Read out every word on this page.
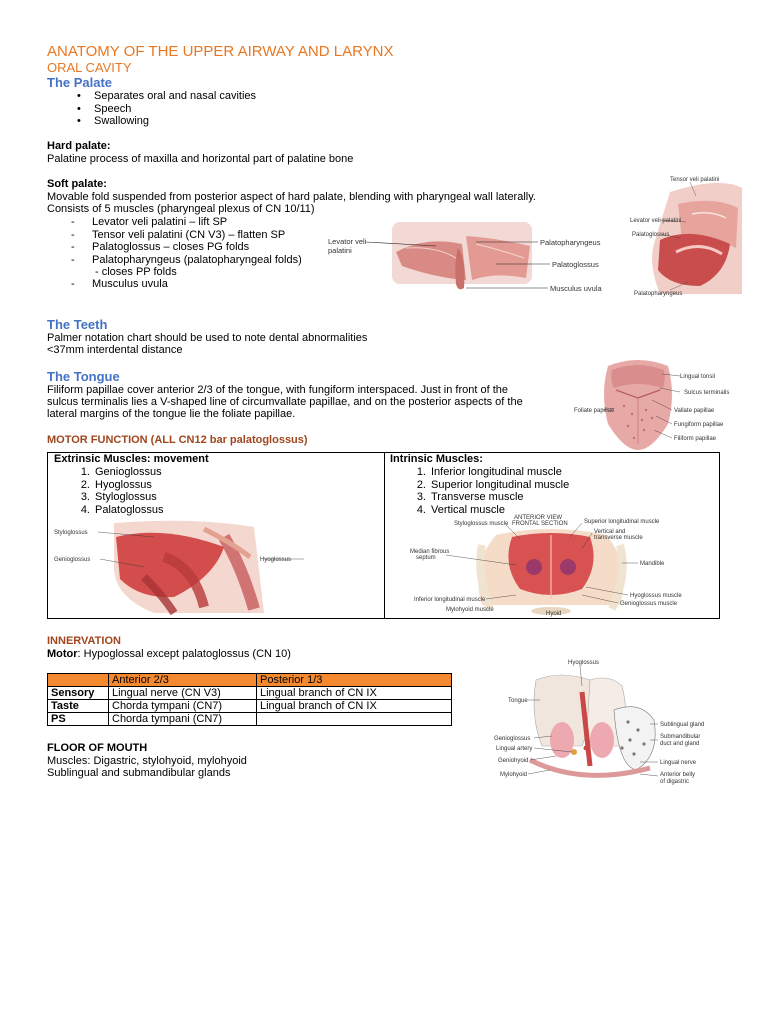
ANATOMY OF THE UPPER AIRWAY AND LARYNX
ORAL CAVITY
The Palate
• Separates oral and nasal cavities
• Speech
• Swallowing
Hard palate:
Palatine process of maxilla and horizontal part of palatine bone
Soft palate:
Movable fold suspended from posterior aspect of hard palate, blending with pharyngeal wall laterally.
Consists of 5 muscles (pharyngeal plexus of CN 10/11)
- Levator veli palatini – lift SP
- Tensor veli palatini (CN V3) – flatten SP
- Palatoglossus – closes PG folds
- Palatopharyngeus (palatopharyngeal folds)
- closes PP folds
- Musculus uvula
Levator veli
palatini
Palatopharyngeus
Palatoglossus
Musculus uvula
Tensor veli palatini
Levator veli palatini
Palatoglossus
Palatopharyngeus
The Teeth
Palmer notation chart should be used to note dental abnormalities
<37mm interdental distance
The Tongue
Filiform papillae cover anterior 2/3 of the tongue, with fungiform interspaced. Just in front of the
sulcus terminalis lies a V-shaped line of circumvallate papillae, and on the posterior aspects of the
lateral margins of the tongue lie the foliate papillae.
Lingual tonsil
Sulcus terminalis
Foliate papillae	Vallate papillae
Fungiform papillae
Filiform papillae
MOTOR FUNCTION (ALL CN12 bar palatoglossus)
Extrinsic Muscles: movement
1. Genioglossus
2. Hyoglossus
3. Styloglossus
4. Palatoglossus
Intrinsic Muscles:
1. Inferior longitudinal muscle
2. Superior longitudinal muscle
3. Transverse muscle
4. Vertical muscle
Styloglossus
Genioglossus	Hyoglossus
ANTERIOR VIEW
FRONTAL SECTION
Styloglossus muscle	Superior longitudinal muscle
Vertical and
transverse muscle
Median fibrous
septum
Mandible
Inferior longitudinal muscle
Hyoglossus muscle
Genioglossus muscle
Mylohyoid muscle
Hyoid
INNERVATION
Motor: Hypoglossal except palatoglossus (CN 10)
	Anterior 2/3	Posterior 1/3
Sensory	Lingual nerve (CN V3)	Lingual branch of CN IX
Taste	Chorda tympani (CN7)	Lingual branch of CN IX
PS	Chorda tympani (CN7)	
FLOOR OF MOUTH
Muscles: Digastric, stylohyoid, mylohyoid
Sublingual and submandibular glands
Hyoglossus
Tongue
Sublingual gland
Submandibular
duct and gland
Genioglossus
Lingual artery
Geniohyoid
Mylohyoid
Lingual nerve
Anterior belly
of digastric
